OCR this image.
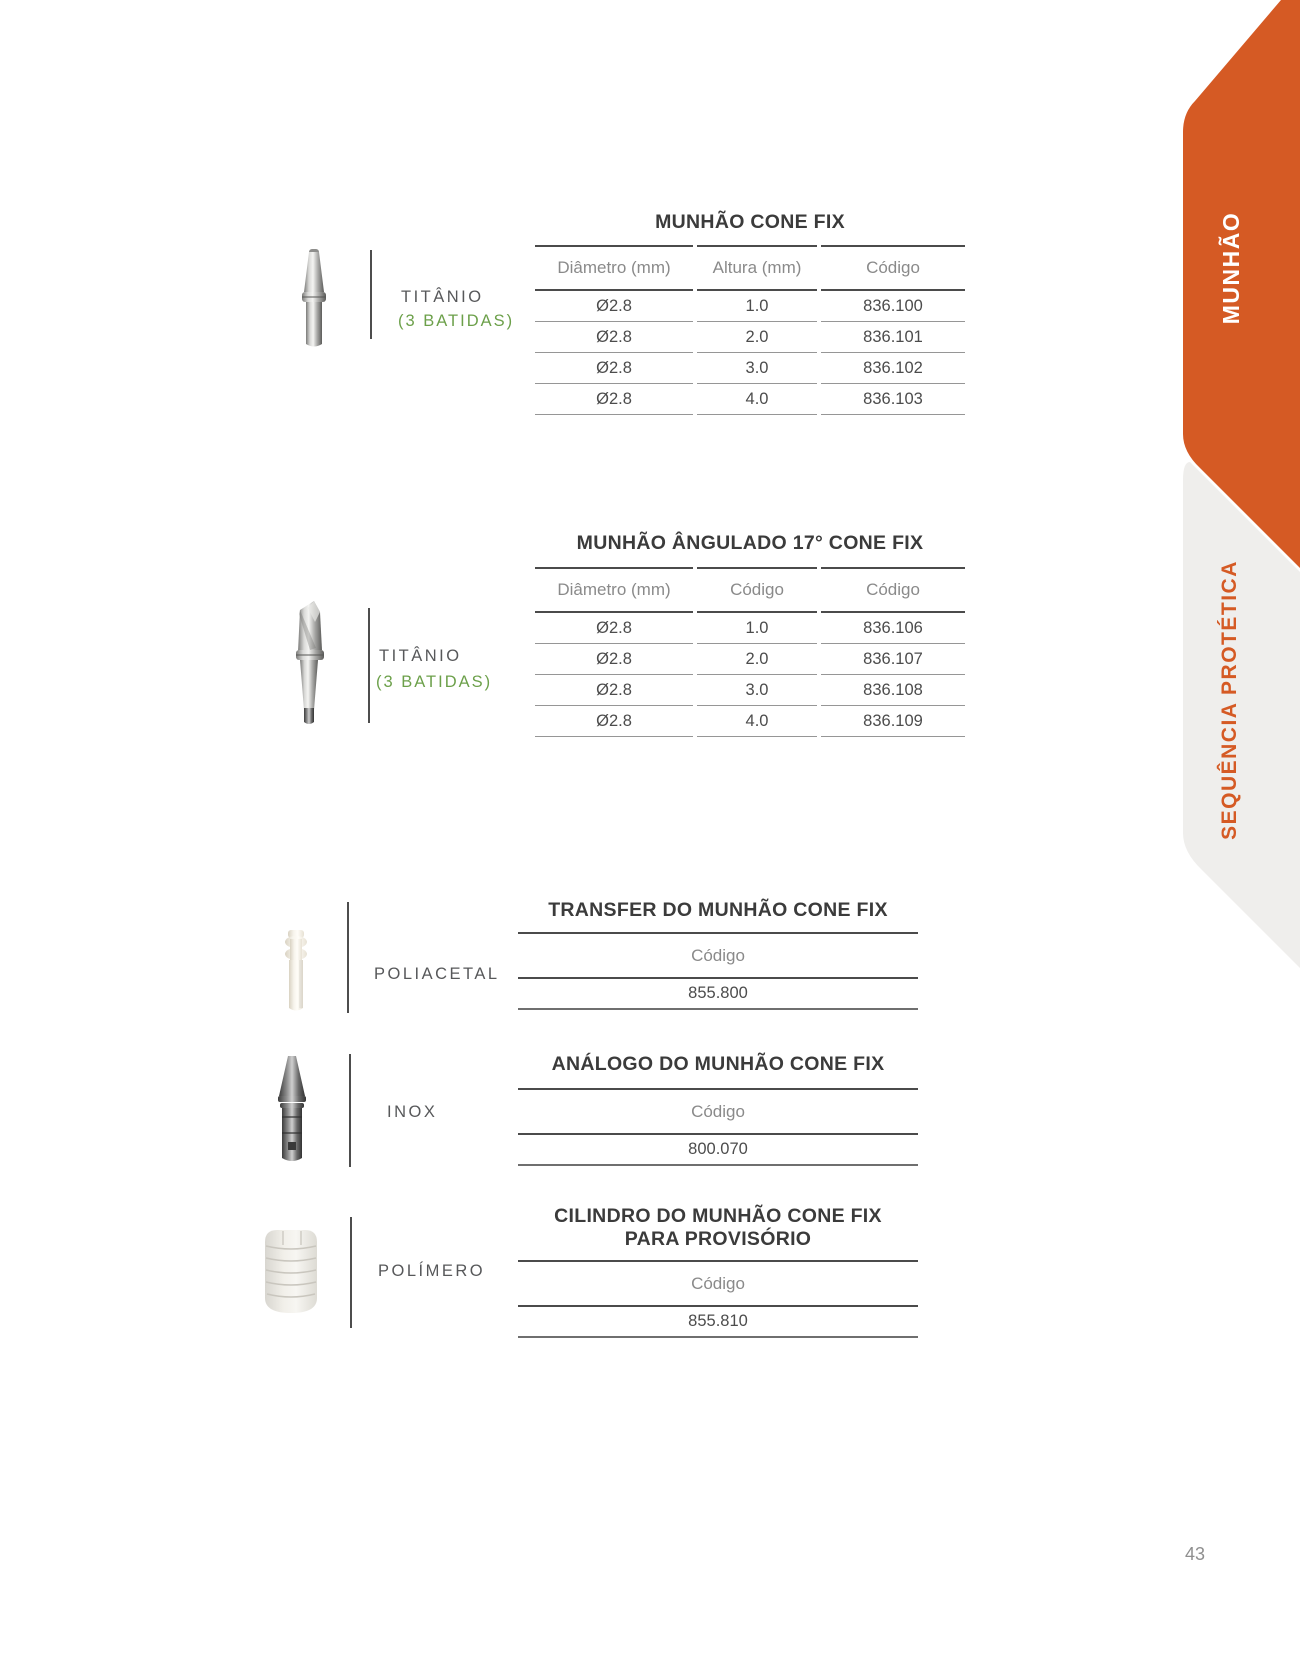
MUNHÃO
SEQUÊNCIA PROTÉTICA
TITÂNIO
(3 BATIDAS)
TITÂNIO
(3 BATIDAS)
POLIACETAL
INOX
POLÍMERO
MUNHÃO CONE FIX
Diâmetro (mm)	Altura (mm)	Código
Ø2.8	1.0	836.100
Ø2.8	2.0	836.101
Ø2.8	3.0	836.102
Ø2.8	4.0	836.103
MUNHÃO ÂNGULADO 17° CONE FIX
Diâmetro (mm)	Código	Código
Ø2.8	1.0	836.106
Ø2.8	2.0	836.107
Ø2.8	3.0	836.108
Ø2.8	4.0	836.109
TRANSFER DO MUNHÃO CONE FIX
Código
855.800
ANÁLOGO DO MUNHÃO CONE FIX
Código
800.070
CILINDRO DO MUNHÃO CONE FIX
PARA PROVISÓRIO
Código
855.810
43
